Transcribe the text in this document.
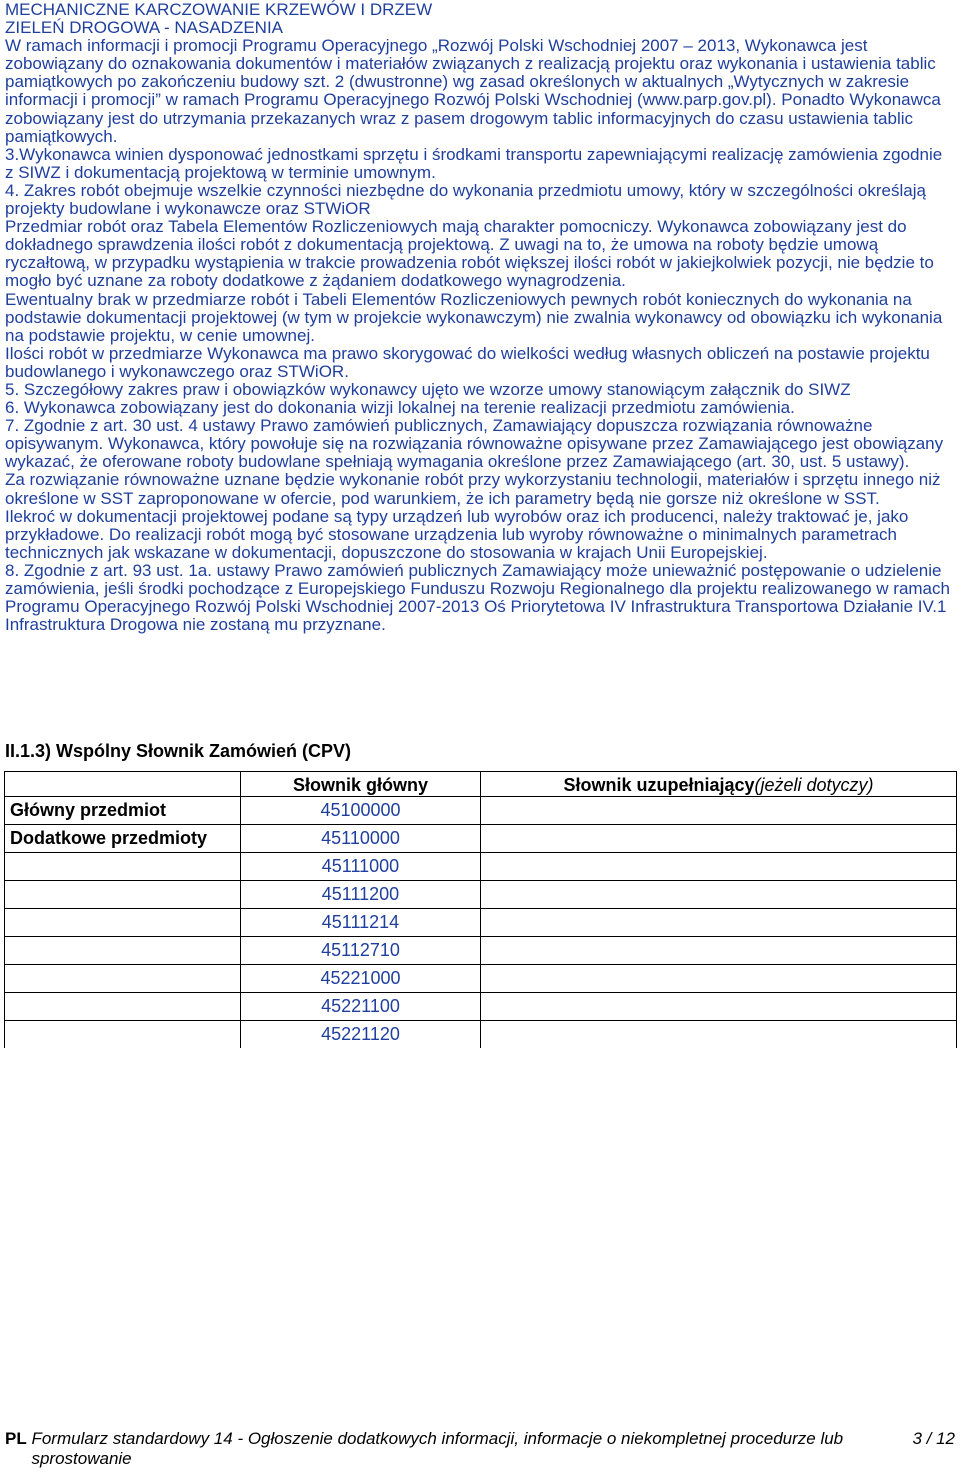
MECHANICZNE KARCZOWANIE KRZEWÓW I DRZEW

ZIELEŃ DROGOWA - NASADZENIA

W ramach informacji i promocji Programu Operacyjnego „Rozwój Polski Wschodniej 2007 – 2013, Wykonawca jest zobowiązany do oznakowania dokumentów i materiałów związanych z realizacją projektu oraz wykonania i ustawienia tablic pamiątkowych po zakończeniu budowy szt. 2 (dwustronne) wg zasad określonych w aktualnych „Wytycznych w zakresie informacji i promocji” w ramach Programu Operacyjnego Rozwój Polski Wschodniej (www.parp.gov.pl). Ponadto Wykonawca zobowiązany jest do utrzymania przekazanych wraz z pasem drogowym tablic informacyjnych do czasu ustawienia tablic pamiątkowych.

3.Wykonawca winien dysponować jednostkami sprzętu i środkami transportu zapewniającymi realizację zamówienia zgodnie z SIWZ i dokumentacją projektową w terminie umownym.

4. Zakres robót obejmuje wszelkie czynności niezbędne do wykonania przedmiotu umowy, który w szczególności określają projekty budowlane i wykonawcze oraz STWiOR

Przedmiar robót oraz Tabela Elementów Rozliczeniowych mają charakter pomocniczy. Wykonawca zobowiązany jest do dokładnego sprawdzenia ilości robót z dokumentacją projektową. Z uwagi na to, że umowa na roboty będzie umową ryczałtową, w przypadku wystąpienia w trakcie prowadzenia robót większej ilości robót w jakiejkolwiek pozycji, nie będzie to mogło być uznane za roboty dodatkowe z żądaniem dodatkowego wynagrodzenia.

Ewentualny brak w przedmiarze robót i Tabeli Elementów Rozliczeniowych pewnych robót koniecznych do wykonania na podstawie dokumentacji projektowej (w tym w projekcie wykonawczym) nie zwalnia wykonawcy od obowiązku ich wykonania na podstawie projektu, w cenie umownej.

Ilości robót w przedmiarze Wykonawca ma prawo skorygować do wielkości według własnych obliczeń na postawie projektu budowlanego i wykonawczego oraz STWiOR.

5. Szczegółowy zakres praw i obowiązków wykonawcy ujęto we wzorze umowy stanowiącym załącznik do SIWZ

6. Wykonawca zobowiązany jest do dokonania wizji lokalnej na terenie realizacji przedmiotu zamówienia.

7. Zgodnie z art. 30 ust. 4 ustawy Prawo zamówień publicznych, Zamawiający dopuszcza rozwiązania równoważne opisywanym. Wykonawca, który powołuje się na rozwiązania równoważne opisywane przez Zamawiającego jest obowiązany wykazać, że oferowane roboty budowlane spełniają wymagania określone przez Zamawiającego (art. 30, ust. 5 ustawy).

Za rozwiązanie równoważne uznane będzie wykonanie robót przy wykorzystaniu technologii, materiałów i sprzętu innego niż określone w SST zaproponowane w ofercie, pod warunkiem, że ich parametry będą nie gorsze niż określone w SST.

Ilekroć w dokumentacji projektowej podane są typy urządzeń lub wyrobów oraz ich producenci, należy traktować je, jako przykładowe. Do realizacji robót mogą być stosowane urządzenia lub wyroby równoważne o minimalnych parametrach technicznych jak wskazane w dokumentacji, dopuszczone do stosowania w krajach Unii Europejskiej.

8. Zgodnie z art. 93 ust. 1a. ustawy Prawo zamówień publicznych Zamawiający może unieważnić postępowanie o udzielenie zamówienia, jeśli środki pochodzące z Europejskiego Funduszu Rozwoju Regionalnego dla projektu realizowanego w ramach Programu Operacyjnego Rozwój Polski Wschodniej 2007-2013 Oś Priorytetowa IV Infrastruktura Transportowa Działanie IV.1 Infrastruktura Drogowa nie zostaną mu przyznane.

II.1.3) Wspólny Słownik Zamówień (CPV)
	Słownik główny	Słownik uzupełniający(jeżeli dotyczy)
Główny przedmiot	45100000	
Dodatkowe przedmioty	45110000	
	45111000	
	45111200	
	45111214	
	45112710	
	45221000	
	45221100	
	45221120	
PL Formularz standardowy 14 - Ogłoszenie dodatkowych informacji, informacje o niekompletnej procedurze lub sprostowanie
3 / 12
